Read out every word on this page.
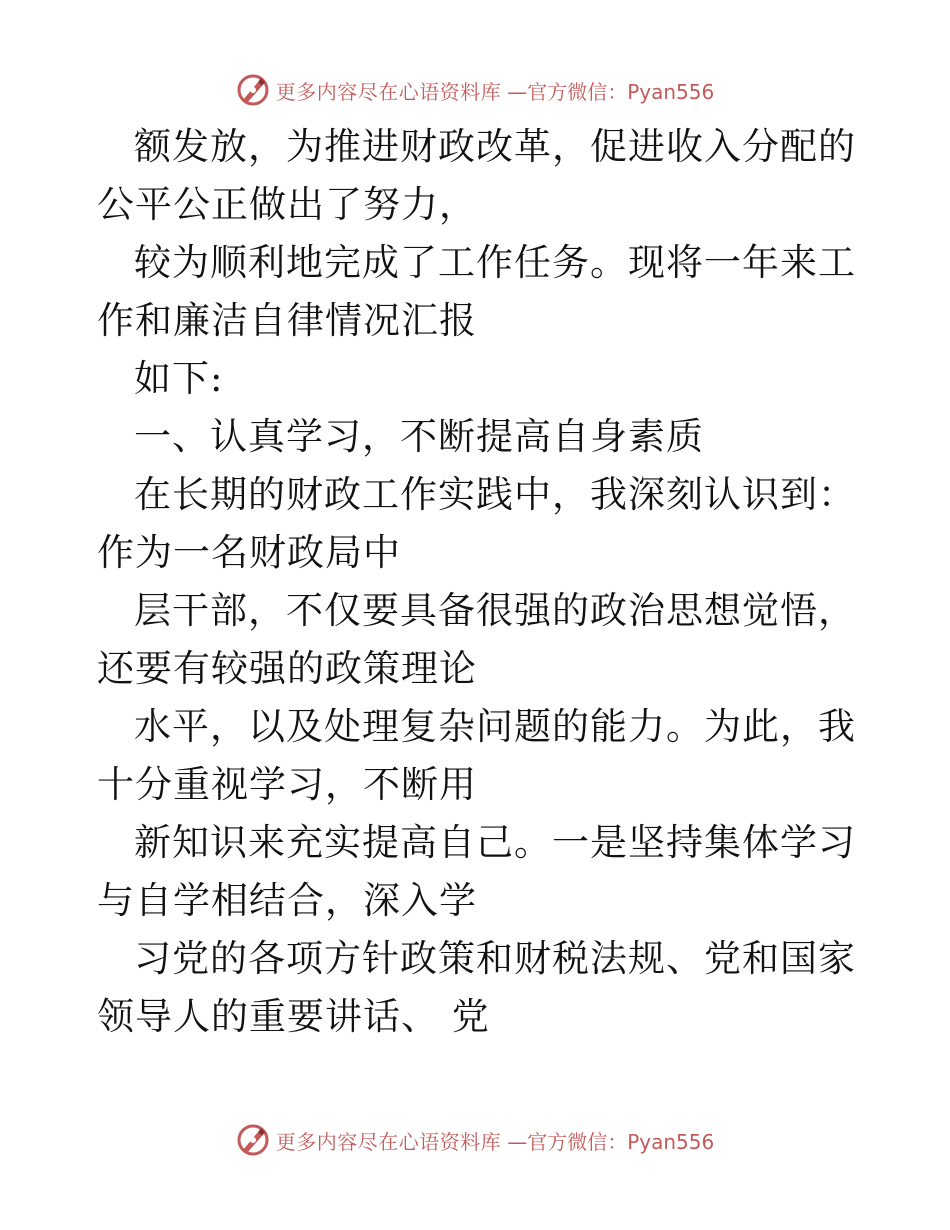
更多内容尽在心语资料库 —官方微信：Pyan556

额发放，为推进财政改革，促进收入分配的公平公正做出了努力，

较为顺利地完成了工作任务。现将一年来工作和廉洁自律情况汇报

如下:

一、认真学习，不断提高自身素质

在长期的财政工作实践中，我深刻认识到：作为一名财政局中

层干部，不仅要具备很强的政治思想觉悟，还要有较强的政策理论

水平，以及处理复杂问题的能力。为此，我十分重视学习，不断用

新知识来充实提高自己。一是坚持集体学习与自学相结合，深入学

习党的各项方针政策和财税法规、党和国家领导人的重要讲话、 党

更多内容尽在心语资料库 —官方微信：Pyan556
